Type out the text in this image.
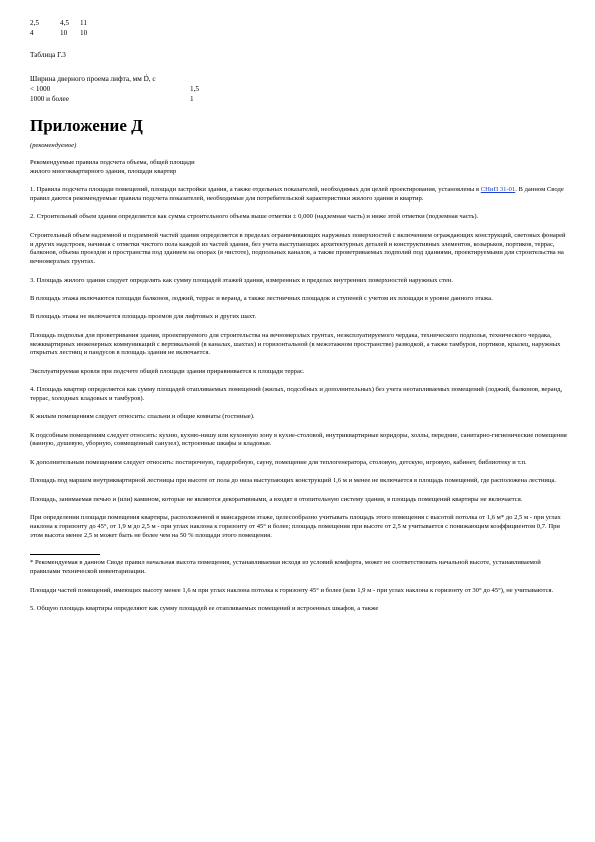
2,5	4,5	11
4	10	10
Таблица Г.3
Ширина дверного проема лифта, мм
D́, с
< 1000	1,5
1000 и более	1
Приложение Д
(рекомендуемое)

Рекомендуемые правила подсчета объема, общей площади
жилого многоквартирного здания, площади квартир

1. Правила подсчета площади помещений, площади застройки здания, а также отдельных показателей, необходимых для целей проектирования, установлены в СНиП 31-01. В данном Своде правил даются рекомендуемые правила подсчета показателей, необходимые для потребительской характеристики жилого здания и квартир.

2. Строительный объем здания определяется как сумма строительного объема выше отметки ± 0,000 (надземная часть) и ниже этой отметки (подземная часть).

Строительный объем надземной и подземной частей здания определяется в пределах ограничивающих наружных поверхностей с включением ограждающих конструкций, световых фонарей и других надстроек, начиная с отметки чистого пола каждой из частей здания, без учета выступающих архитектурных деталей и конструктивных элементов, козырьков, портиков, террас, балконов, объема проездов и пространства под зданием на опорах (в чистоте), подпольных каналов, а также проветриваемых подполий под зданиями, проектируемыми для строительства на вечномерзлых грунтах.

3. Площадь жилого здания следует определять как сумму площадей этажей здания, измеренных в пределах внутренних поверхностей наружных стен.

В площадь этажа включаются площади балконов, лоджий, террас и веранд, а также лестничных площадок и ступеней с учетом их площади в уровне данного этажа.

В площадь этажа не включается площадь проемов для лифтовых и других шахт.

Площадь подполья для проветривания здания, проектируемого для строительства на вечномерзлых грунтах, неэксплуатируемого чердака, технического подполья, технического чердака, межквартирных инженерных коммуникаций с вертикальной (в каналах, шахтах) и горизонтальной (в межэтажном пространстве) разводкой, а также тамбуров, портиков, крылец, наружных открытых лестниц и пандусов в площадь здания не включается.

Эксплуатируемая кровля при подсчете общей площади здания приравнивается к площади террас.

4. Площадь квартир определяется как сумму площадей отапливаемых помещений (жилых, подсобных и дополнительных) без учета неотапливаемых помещений (лоджий, балконов, веранд, террас, холодных кладовых и тамбуров).

К жилым помещениям следует относить: спальни и общие комнаты (гостиные).

К подсобным помещениям следует относить: кухню, кухню-нишу или кухонную зону в кухне-столовой, внутриквартирные коридоры, холлы, передние, санитарно-гигиенические помещения (ванную, душевую, уборную, совмещенный санузел), встроенные шкафы и кладовые.

К дополнительным помещениям следует относить: постирочную, гардеробную, сауну, помещение для теплогенератора, столовую, детскую, игровую, кабинет, библиотеку и т.п.

Площадь под маршем внутриквартирной лестницы при высоте от пола до низа выступающих конструкций 1,6 м и менее не включается в площадь помещений, где расположена лестница.

Площадь, занимаемая печью и (или) камином, которые не являются декоративными, а входят в отопительную систему здания, в площадь помещений квартиры не включается.

При определении площади помещения квартиры, расположенной в мансардном этаже, целесообразно учитывать площадь этого помещения с высотой потолка от 1,6 м* до 2,5 м - при углах наклона к горизонту до 45°, от 1,9 м до 2,5 м - при углах наклона к горизонту от 45° и более; площадь помещения при высоте от 2,5 м учитывается с понижающим коэффициентом 0,7. При этом высота менее 2,5 м может быть не более чем на 50 % площади этого помещения.

* Рекомендуемая в данном Своде правил начальная высота помещения, устанавливаемая исходя из условий комфорта, может не соответствовать начальной высоте, устанавливаемой правилами технической инвентаризации.

Площади частей помещений, имеющих высоту менее 1,6 м при углах наклона потолка к горизонту 45° и более (или 1,9 м - при углах наклона к горизонту от 30° до 45°), не учитываются.

5. Общую площадь квартиры определяют как сумму площадей ее отапливаемых помещений и встроенных шкафов, а также
